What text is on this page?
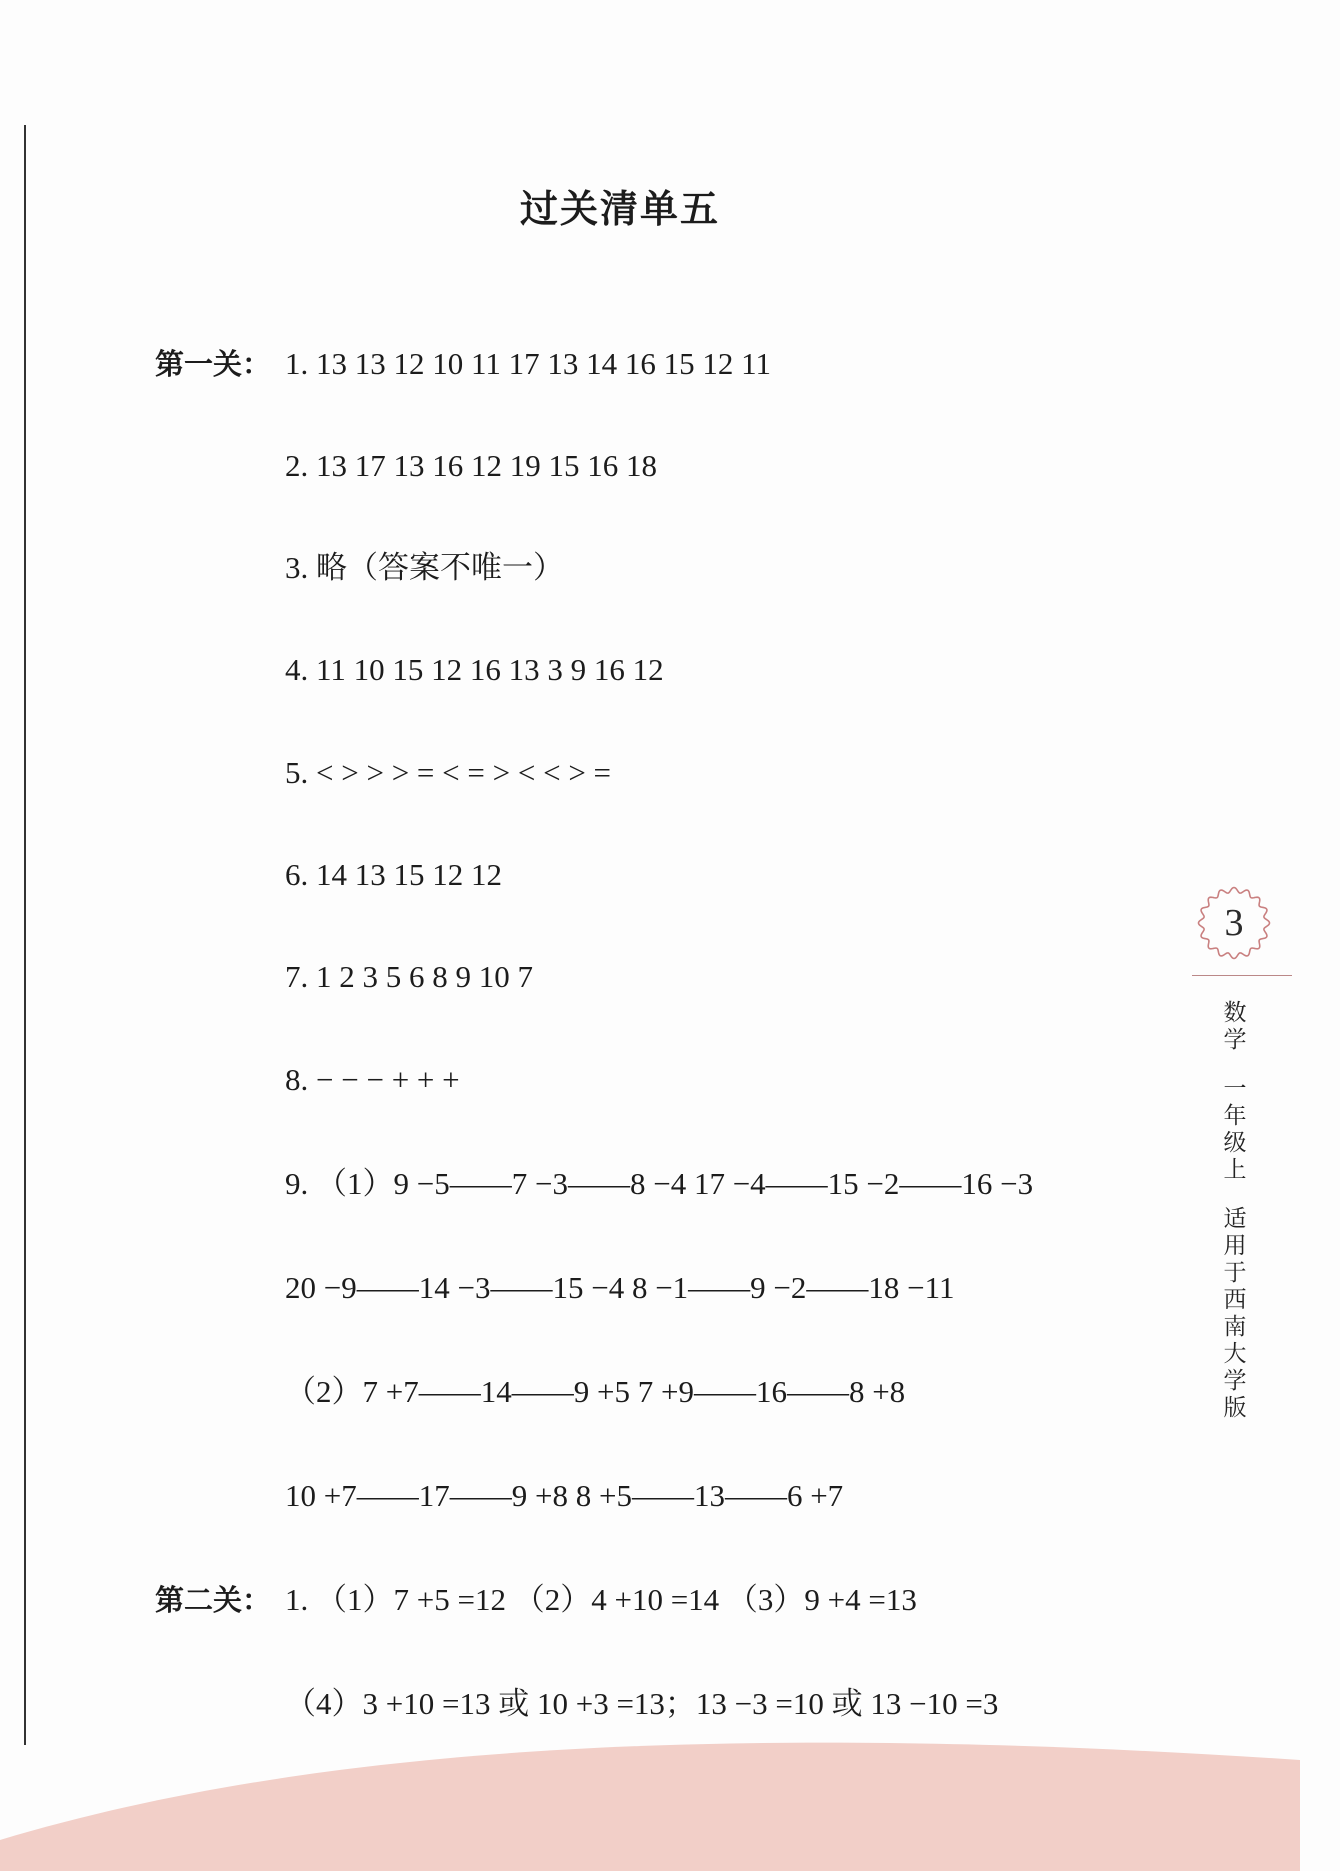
过关清单五
第一关： 1. 13 13 12 10 11 17 13 14 16 15 12 11
2. 13 17 13 16 12 19 15 16 18
3. 略（答案不唯一）
4. 11 10 15 12 16 13 3 9 16 12
5. < > > > = < = > < < > =
6. 14 13 15 12 12
7. 1 2 3 5 6 8 9 10 7
8. − − − + + +
9. （1）9 −5——7 −3——8 −4 17 −4——15 −2——16 −3
20 −9——14 −3——15 −4 8 −1——9 −2——18 −11
（2）7 +7——14——9 +5 7 +9——16——8 +8
10 +7——17——9 +8 8 +5——13——6 +7
第二关： 1. （1）7 +5 =12 （2）4 +10 =14 （3）9 +4 =13
（4）3 +10 =13 或 10 +3 =13；13 −3 =10 或 13 −10 =3
3
数
学
一
年
级
上
适
用
于
西
南
大
学
版
